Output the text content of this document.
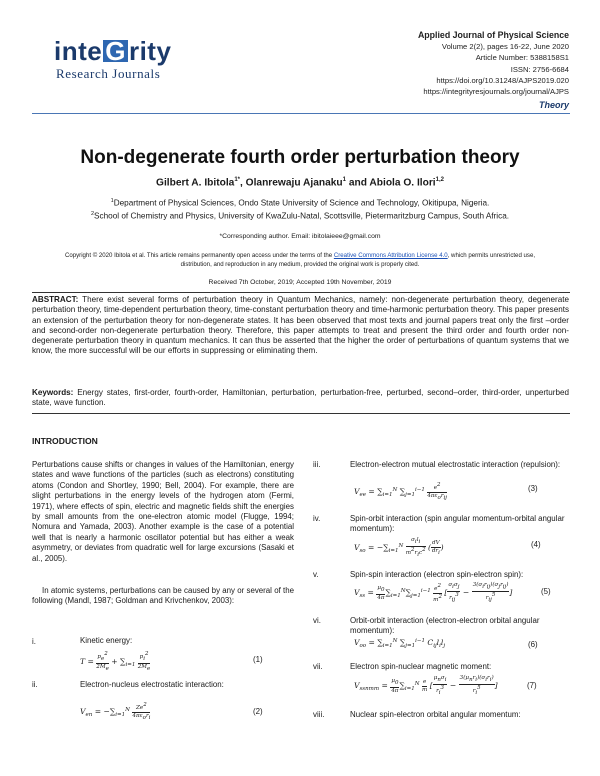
inte G rity
Research Journals
Applied Journal of Physical Science
Volume 2(2), pages 16-22, June 2020
Article Number: 5388158S1
ISSN: 2756-6684
https://doi.org/10.31248/AJPS2019.020
https://integrityresjournals.org/journal/AJPS
Theory
Non-degenerate fourth order perturbation theory
Gilbert A. Ibitola$^{1*}$, Olanrewaju Ajanaku$^1$ and Abiola O. Ilori$^{1,2}$
$^1$Department of Physical Sciences, Ondo State University of Science and Technology, Okitipupa, Nigeria.
$^2$School of Chemistry and Physics, University of KwaZulu-Natal, Scottsville, Pietermaritzburg Campus, South Africa.
*Corresponding author. Email: ibitolaieee@gmail.com
Copyright © 2020 Ibitola et al. This article remains permanently open access under the terms of the Creative Commons Attribution License 4.0, which permits unrestricted use, distribution, and reproduction in any medium, provided the original work is properly cited.
Received 7th October, 2019; Accepted 19th November, 2019
ABSTRACT: There exist several forms of perturbation theory in Quantum Mechanics, namely: non-degenerate perturbation theory, degenerate perturbation theory, time-dependent perturbation theory, time-constant perturbation theory and time-harmonic perturbation theory. This paper presents an extension of the perturbation theory for non-degenerate states. It has been observed that most texts and journal papers treat only the first –order and second-order non-degenerate perturbation theory. Therefore, this paper attempts to treat and present the third order and fourth order non-degenerate perturbation theory in quantum mechanics. It can thus be asserted that the higher the order of perturbations of quantum systems that we know, the more successful will be our efforts in suppressing or eliminating them.
Keywords: Energy states, first-order, fourth-order, Hamiltonian, perturbation, perturbation-free, perturbed, second–order, third-order, unperturbed state, wave function.
INTRODUCTION
Perturbations cause shifts or changes in values of the Hamiltonian, energy states and wave functions of the particles (such as electrons) constituting atoms (Condon and Shortley, 1990; Bell, 2004). For example, there are slight perturbations in the energy levels of the hydrogen atom (Fermi, 1971), where effects of spin, electric and magnetic fields shift the energies by small amounts from the one-electron atomic model (Flugge, 1994; Nomura and Yamada, 2003). Another example is the case of a potential well that is nearly a harmonic oscillator potential but has either a weak asymmetry, or deviates from quadratic well for large excursions (Sasaki et al., 2005).
In atomic systems, perturbations can be caused by any or several of the following (Mandl, 1987; Goldman and Krivchenkov, 2003):
i.	Kinetic energy:
$T = \frac{pe2}{2Me} + \sum_{i=1} \frac{pi2}{2Me}$	(1)
ii.	Electron-nucleus electrostatic interaction:
$V_{en} = -\sum_{i=1}^N \frac{Ze2}{\text{4πεori}}$	(2)
iii.	Electron-electron mutual electrostatic interaction (repulsion):
$V_{ee} = \sum_{i=1}^N$ $\sum_{j=1}^{i-1} \frac{e2}{\text{4πεorij}}$	(3)
iv.	Spin-orbit interaction (spin angular momentum-orbital angular momentum):
$V_{so} = -\sum_{i=1}^N \frac{\text{σili}}{\text{m2ric2}}$ ( $\frac{dV}{\text{dri}}$ )	(4)
v.	Spin-spin interaction (electron spin-electron spin):
$V_{ss} = \frac{\mu 0}{4\pi} \sum_{i=1}^N\sum_{j=1}^{i-1} \frac{e2}{m2}$ [ $\frac{\text{σiσj}}{\text{rij3}} - \frac{\text{3(σirij)(σjrij)}}{\text{rij5}}$ ]	(5)
vi.	Orbit-orbit interaction (electron-electron orbital angular momentum):
$V_{oo} = \sum_{i=1}^N$ $\sum_{j=1}^{i-1}$ $C_{ij}l_il_j$	(6)
vii.	Electron spin-nuclear magnetic moment:
$V_{ssnmm} = \frac{\mu 0}{4\pi} \sum_{i=1}^N \frac{e}{m}$ [ $\frac{\text{μnσi}}{ri3} - \frac{\text{3(μnri)(σiri)}}{ri5}$ ]	(7)
viii.	Nuclear spin-electron orbital angular momentum:
